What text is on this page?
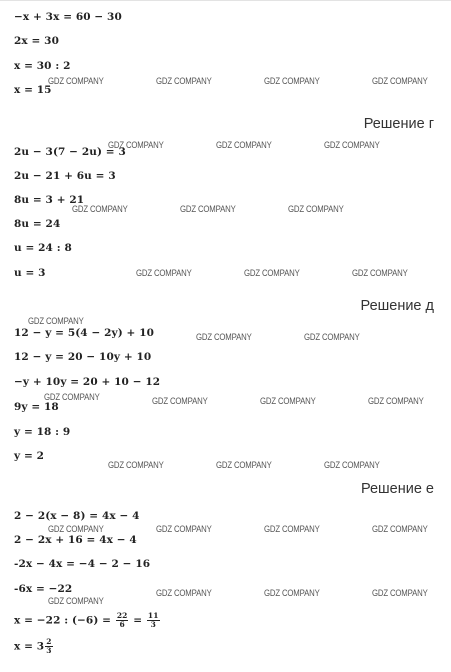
−x + 3x = 60 − 30
2x = 30
x = 30 : 2
x = 15
Решение г
2u − 3(7 − 2u) = 3
2u − 21 + 6u = 3
8u = 3 + 21
8u = 24
u = 24 : 8
u = 3
Решение д
12 − y = 5(4 − 2y) + 10
12 − y = 20 − 10y + 10
−y + 10y = 20 + 10 − 12
9y = 18
y = 18 : 9
y = 2
Решение е
2 − 2(x − 8) = 4x − 4
2 − 2x + 16 = 4x − 4
-2x − 4x = −4 − 2 − 16
-6x = −22
x = −22 : $(-6) = \frac{22}{6} = \frac{11}{3}$
$x = 3 \frac{2}{3}$
GDZ COMPANY	GDZ COMPANY	GDZ COMPANY	GDZ COMPANY
GDZ COMPANY	GDZ COMPANY	GDZ COMPANY
GDZ COMPANY	GDZ COMPANY	GDZ COMPANY
GDZ COMPANY	GDZ COMPANY	GDZ COMPANY
GDZ COMPANY
GDZ COMPANY	GDZ COMPANY
GDZ COMPANY	GDZ COMPANY	GDZ COMPANY	GDZ COMPANY
GDZ COMPANY	GDZ COMPANY	GDZ COMPANY
GDZ COMPANY	GDZ COMPANY	GDZ COMPANY	GDZ COMPANY
GDZ COMPANY	GDZ COMPANY	GDZ COMPANY
GDZ COMPANY
